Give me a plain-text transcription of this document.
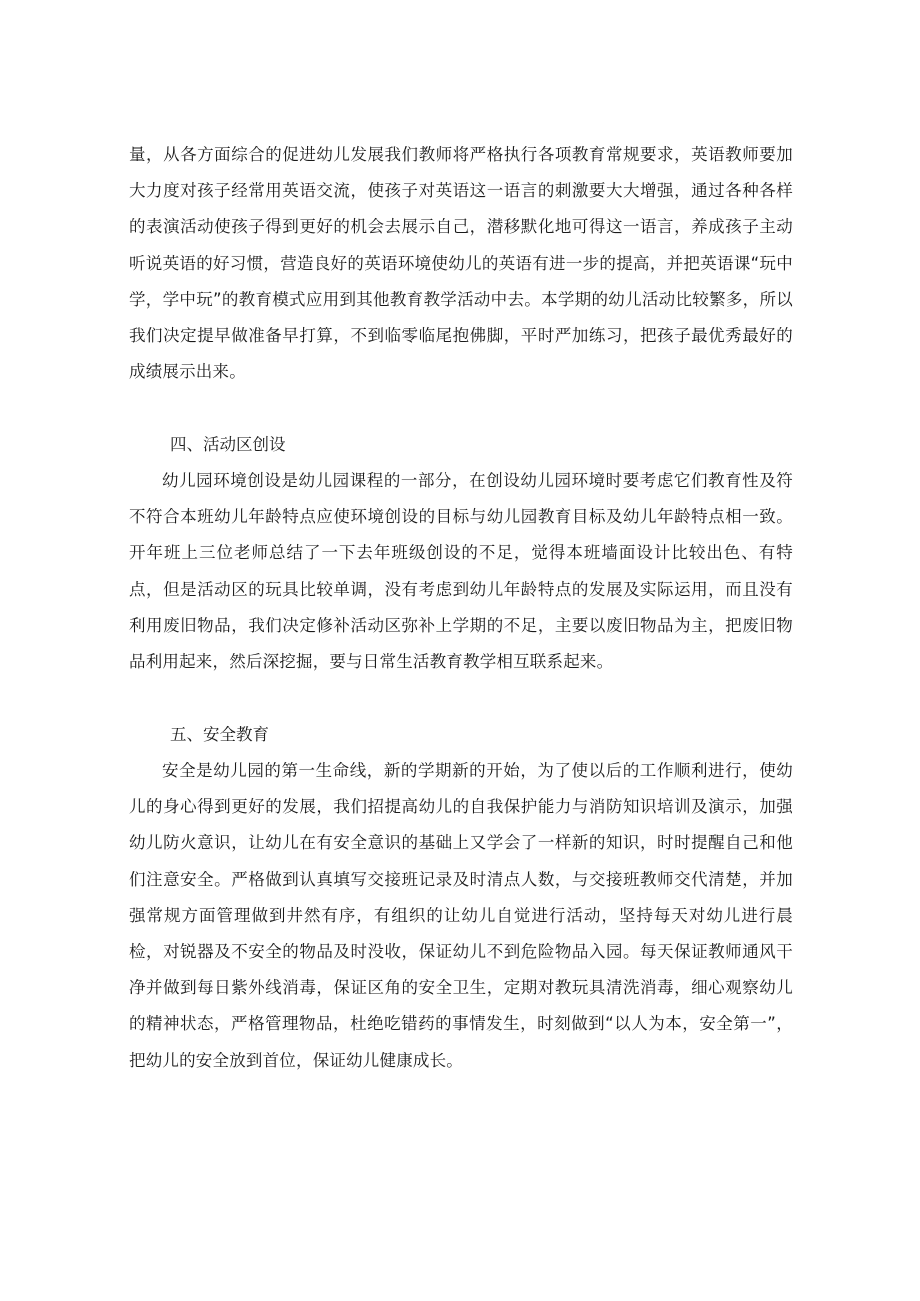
量，从各方面综合的促进幼儿发展我们教师将严格执行各项教育常规要求，英语教师要加大力度对孩子经常用英语交流，使孩子对英语这一语言的刺激要大大增强，通过各种各样的表演活动使孩子得到更好的机会去展示自己，潜移默化地可得这一语言，养成孩子主动听说英语的好习惯，营造良好的英语环境使幼儿的英语有进一步的提高，并把英语课“玩中学，学中玩”的教育模式应用到其他教育教学活动中去。本学期的幼儿活动比较繁多，所以我们决定提早做准备早打算，不到临零临尾抱佛脚，平时严加练习，把孩子最优秀最好的成绩展示出来。

四、活动区创设

幼儿园环境创设是幼儿园课程的一部分，在创设幼儿园环境时要考虑它们教育性及符不符合本班幼儿年龄特点应使环境创设的目标与幼儿园教育目标及幼儿年龄特点相一致。开年班上三位老师总结了一下去年班级创设的不足，觉得本班墙面设计比较出色、有特点，但是活动区的玩具比较单调，没有考虑到幼儿年龄特点的发展及实际运用，而且没有利用废旧物品，我们决定修补活动区弥补上学期的不足，主要以废旧物品为主，把废旧物品利用起来，然后深挖掘，要与日常生活教育教学相互联系起来。

五、安全教育

安全是幼儿园的第一生命线，新的学期新的开始，为了使以后的工作顺利进行，使幼儿的身心得到更好的发展，我们招提高幼儿的自我保护能力与消防知识培训及演示，加强幼儿防火意识，让幼儿在有安全意识的基础上又学会了一样新的知识，时时提醒自己和他们注意安全。严格做到认真填写交接班记录及时清点人数，与交接班教师交代清楚，并加强常规方面管理做到井然有序，有组织的让幼儿自觉进行活动，坚持每天对幼儿进行晨检，对锐器及不安全的物品及时没收，保证幼儿不到危险物品入园。每天保证教师通风干净并做到每日紫外线消毒，保证区角的安全卫生，定期对教玩具清洗消毒，细心观察幼儿的精神状态，严格管理物品，杜绝吃错药的事情发生，时刻做到“以人为本，安全第一”，把幼儿的安全放到首位，保证幼儿健康成长。
